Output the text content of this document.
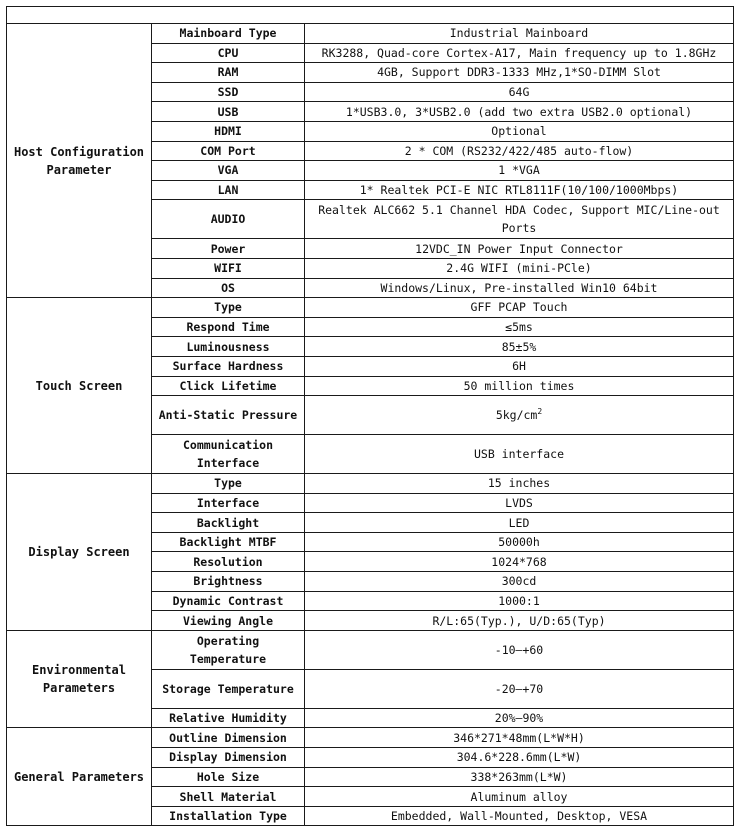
Host Configuration Parameter	Mainboard Type	Industrial Mainboard
	CPU	RK3288, Quad-core Cortex-A17, Main frequency up to 1.8GHz
	RAM	4GB, Support DDR3-1333 MHz,1*SO-DIMM Slot
	SSD	64G
	USB	1*USB3.0, 3*USB2.0 (add two extra USB2.0 optional)
	HDMI	Optional
	COM Port	2 * COM (RS232/422/485 auto-flow)
	VGA	1 *VGA
	LAN	1* Realtek PCI-E NIC RTL8111F(10/100/1000Mbps)
	AUDIO	Realtek ALC662 5.1 Channel HDA Codec, Support MIC/Line-out Ports
	Power	12VDC_IN Power Input Connector
	WIFI	2.4G WIFI (mini-PCle)
	OS	Windows/Linux, Pre-installed Win10 64bit
Touch Screen	Type	GFF PCAP Touch
	Respond Time	≤5ms
	Luminousness	85±5%
	Surface Hardness	6H
	Click Lifetime	50 million times
	Anti-Static Pressure	$5kg/cm^2$
	Communication Interface	USB interface
Display Screen	Type	15 inches
	Interface	LVDS
	Backlight	LED
	Backlight MTBF	50000h
	Resolution	1024*768
	Brightness	300cd
	Dynamic Contrast	1000:1
	Viewing Angle	R/L:65(Typ.), U/D:65(Typ)
Environmental Parameters	Operating Temperature	-10—+60
	Storage Temperature	-20—+70
	Relative Humidity	20%—90%
General Parameters	Outline Dimension	346*271*48mm(L*W*H)
	Display Dimension	304.6*228.6mm(L*W)
	Hole Size	338*263mm(L*W)
	Shell Material	Aluminum alloy
	Installation Type	Embedded, Wall-Mounted, Desktop, VESA
